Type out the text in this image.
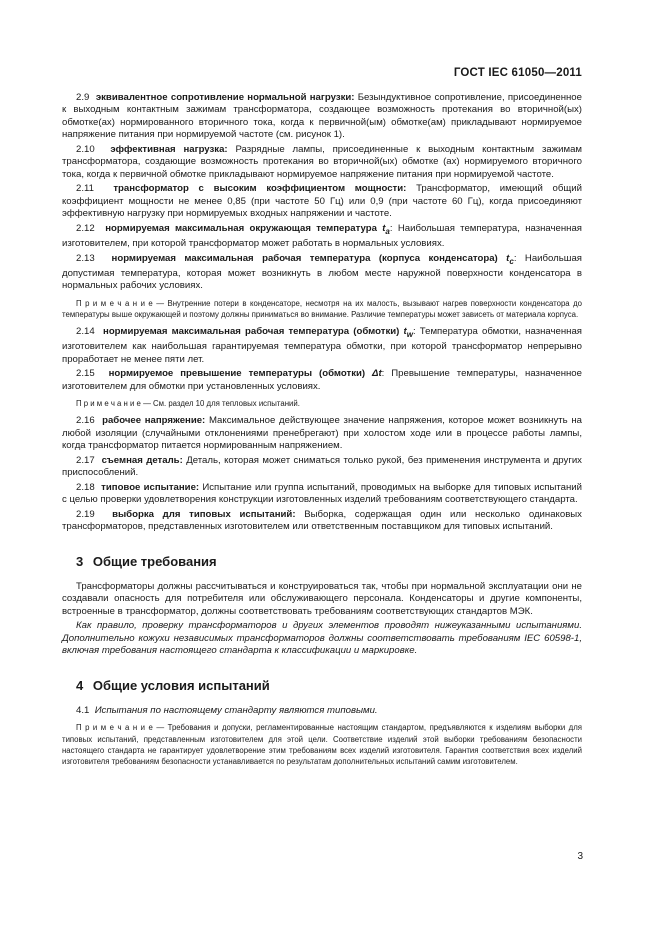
ГОСТ IEC 61050—2011

2.9 эквивалентное сопротивление нормальной нагрузки: Безындуктивное сопротивление, присоединенное к выходным контактным зажимам трансформатора, создающее возможность протекания во вторичной(ых) обмотке(ах) нормированного вторичного тока, когда к первичной(ым) обмотке(ам) прикладывают нормируемое напряжение питания при нормируемой частоте (см. рисунок 1).

2.10 эффективная нагрузка: Разрядные лампы, присоединенные к выходным контактным зажимам трансформатора, создающие возможность протекания во вторичной(ых) обмотке (ах) нормируемого вторичного тока, когда к первичной обмотке прикладывают нормируемое напряжение питания при нормируемой частоте.

2.11 трансформатор с высоким коэффициентом мощности: Трансформатор, имеющий общий коэффициент мощности не менее 0,85 (при частоте 50 Гц) или 0,9 (при частоте 60 Гц), когда присоединяют эффективную нагрузку при нормируемых входных напряжении и частоте.

2.12 нормируемая максимальная окружающая температура $t_a$: Наибольшая температура, назначенная изготовителем, при которой трансформатор может работать в нормальных условиях.

2.13 нормируемая максимальная рабочая температура (корпуса конденсатора) $t_c$: Наибольшая допустимая температура, которая может возникнуть в любом месте наружной поверхности конденсатора в нормальных рабочих условиях.

П р и м е ч а н и е — Внутренние потери в конденсаторе, несмотря на их малость, вызывают нагрев поверхности конденсатора до температуры выше окружающей и поэтому должны приниматься во внимание. Различие температуры может зависеть от материала корпуса.

2.14 нормируемая максимальная рабочая температура (обмотки) $t_w$: Температура обмотки, назначенная изготовителем как наибольшая гарантируемая температура обмотки, при которой трансформатор непрерывно проработает не менее пяти лет.

2.15 нормируемое превышение температуры (обмотки) Δt: Превышение температуры, назначенное изготовителем для обмотки при установленных условиях.

П р и м е ч а н и е — См. раздел 10 для тепловых испытаний.

2.16 рабочее напряжение: Максимальное действующее значение напряжения, которое может возникнуть на любой изоляции (случайными отклонениями пренебрегают) при холостом ходе или в процессе работы лампы, когда трансформатор питается нормированным напряжением.

2.17 съемная деталь: Деталь, которая может сниматься только рукой, без применения инструмента и других приспособлений.

2.18 типовое испытание: Испытание или группа испытаний, проводимых на выборке для типовых испытаний с целью проверки удовлетворения конструкции изготовленных изделий требованиям соответствующего стандарта.

2.19 выборка для типовых испытаний: Выборка, содержащая один или несколько одинаковых трансформаторов, представленных изготовителем или ответственным поставщиком для типовых испытаний.

3 Общие требования

Трансформаторы должны рассчитываться и конструироваться так, чтобы при нормальной эксплуатации они не создавали опасность для потребителя или обслуживающего персонала. Конденсаторы и другие компоненты, встроенные в трансформатор, должны соответствовать требованиям соответствующих стандартов МЭК.

Как правило, проверку трансформаторов и других элементов проводят нижеуказанными испытаниями. Дополнительно кожухи независимых трансформаторов должны соответствовать требованиям IEC 60598-1, включая требования настоящего стандарта к классификации и маркировке.

4 Общие условия испытаний

4.1 Испытания по настоящему стандарту являются типовыми.

П р и м е ч а н и е — Требования и допуски, регламентированные настоящим стандартом, предъявляются к изделиям выборки для типовых испытаний, представленным изготовителем для этой цели. Соответствие изделий этой выборки требованиям безопасности настоящего стандарта не гарантирует удовлетворение этим требованиям всех изделий изготовителя. Гарантия соответствия всех изделий изготовителя требованиям безопасности устанавливается по результатам дополнительных испытаний самим изготовителем.

3
